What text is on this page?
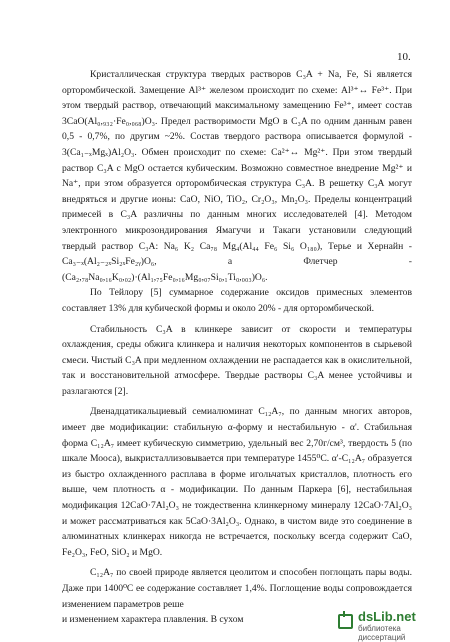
10.

Кристаллическая структура твердых растворов C₃A + Na, Fe, Si является орторомбической. Замещение Al³⁺ железом происходит по схеме: Al³⁺↔ Fe³⁺. При этом твердый раствор, отвечающий максимальному замещению Fe³⁺, имеет состав 3CaO(Al₀,₉₃₂·Fe₀,₀₆₈)O₃. Предел растворимости MgO в C₃A по одним данным равен 0,5 - 0,7%, по другим ~2%. Состав твердого раствора описывается формулой - 3(Ca₁₋ₓMgₓ)Al₂O₃. Обмен происходит по схеме: Ca²⁺↔ Mg²⁺. При этом твердый раствор C₃A c MgO остается кубическим. Возможно совместное внедрение Mg²⁺ и Na⁺, при этом образуется орторомбическая структура C₃A. В решетку C₃A могут внедряться и другие ионы: CaO, NiO, TiO₂, Cr₂O₃, Mn₂O₃. Пределы концентраций примесей в C₃A различны по данным многих исследователей [4]. Методом электронного микрозондирования Ямагучи и Такаги установили следующий твердый раствор C₃A: Na₆ K₂ Ca₇₈ Mg₄(Al₄₄ Fe₆ Si₆ O₁₈₀), Терье и Хернайн - Ca₃₋ₓ(Al₂₋₂ₓSi₂ₓFe₂ᵧ)O₆, а Флетчер - (Ca₂,₇₈Na₀,₁₆K₀,₀₂)·(Al₁,₇₅Fe₀,₁₆Mg₀,₀₇Si₀,₁Ti₀,₀₀₃)O₆.

По Тейлору [5] суммарное содержание оксидов примесных элементов составляет 13% для кубической формы и около 20% - для орторомбической.

Стабильность C₃A в клинкере зависит от скорости и температуры охлаждения, среды обжига клинкера и наличия некоторых компонентов в сырьевой смеси. Чистый C₃A при медленном охлаждении не распадается как в окислительной, так и восстановительной атмосфере. Твердые растворы C₃A менее устойчивы и разлагаются [2].

Двенадцатикальциевый семиалюминат C₁₂A₇, по данным многих авторов, имеет две модификации: стабильную α-форму и нестабильную - α'. Стабильная форма C₁₂A₇ имеет кубическую симметрию, удельный вес 2,70г/см³, твердость 5 (по шкале Мооса), выкристаллизовывается при температуре 1455⁰C. α'-C₁₂A₇ образуется из быстро охлажденного расплава в форме игольчатых кристаллов, плотность его выше, чем плотность α - модификации. По данным Паркера [6], нестабильная модификация 12CaO·7Al₂O₃ не тождественна клинкерному минералу 12CaO·7Al₂O₃ и может рассматриваться как 5CaO·3Al₂O₃. Однако, в чистом виде это соединение в алюминатных клинкерах никогда не встречается, поскольку всегда содержит CaO, Fe₂O₃, FeO, SiO₂ и MgO.

C₁₂A₇ по своей природе является цеолитом и способен поглощать пары воды. Даже при 1400⁰C ее содержание составляет 1,4%. Поглощение воды сопровождается изменением параметров реше

и изменением характера плавления. В сухом	dsLib.net
библиотека диссертаций
